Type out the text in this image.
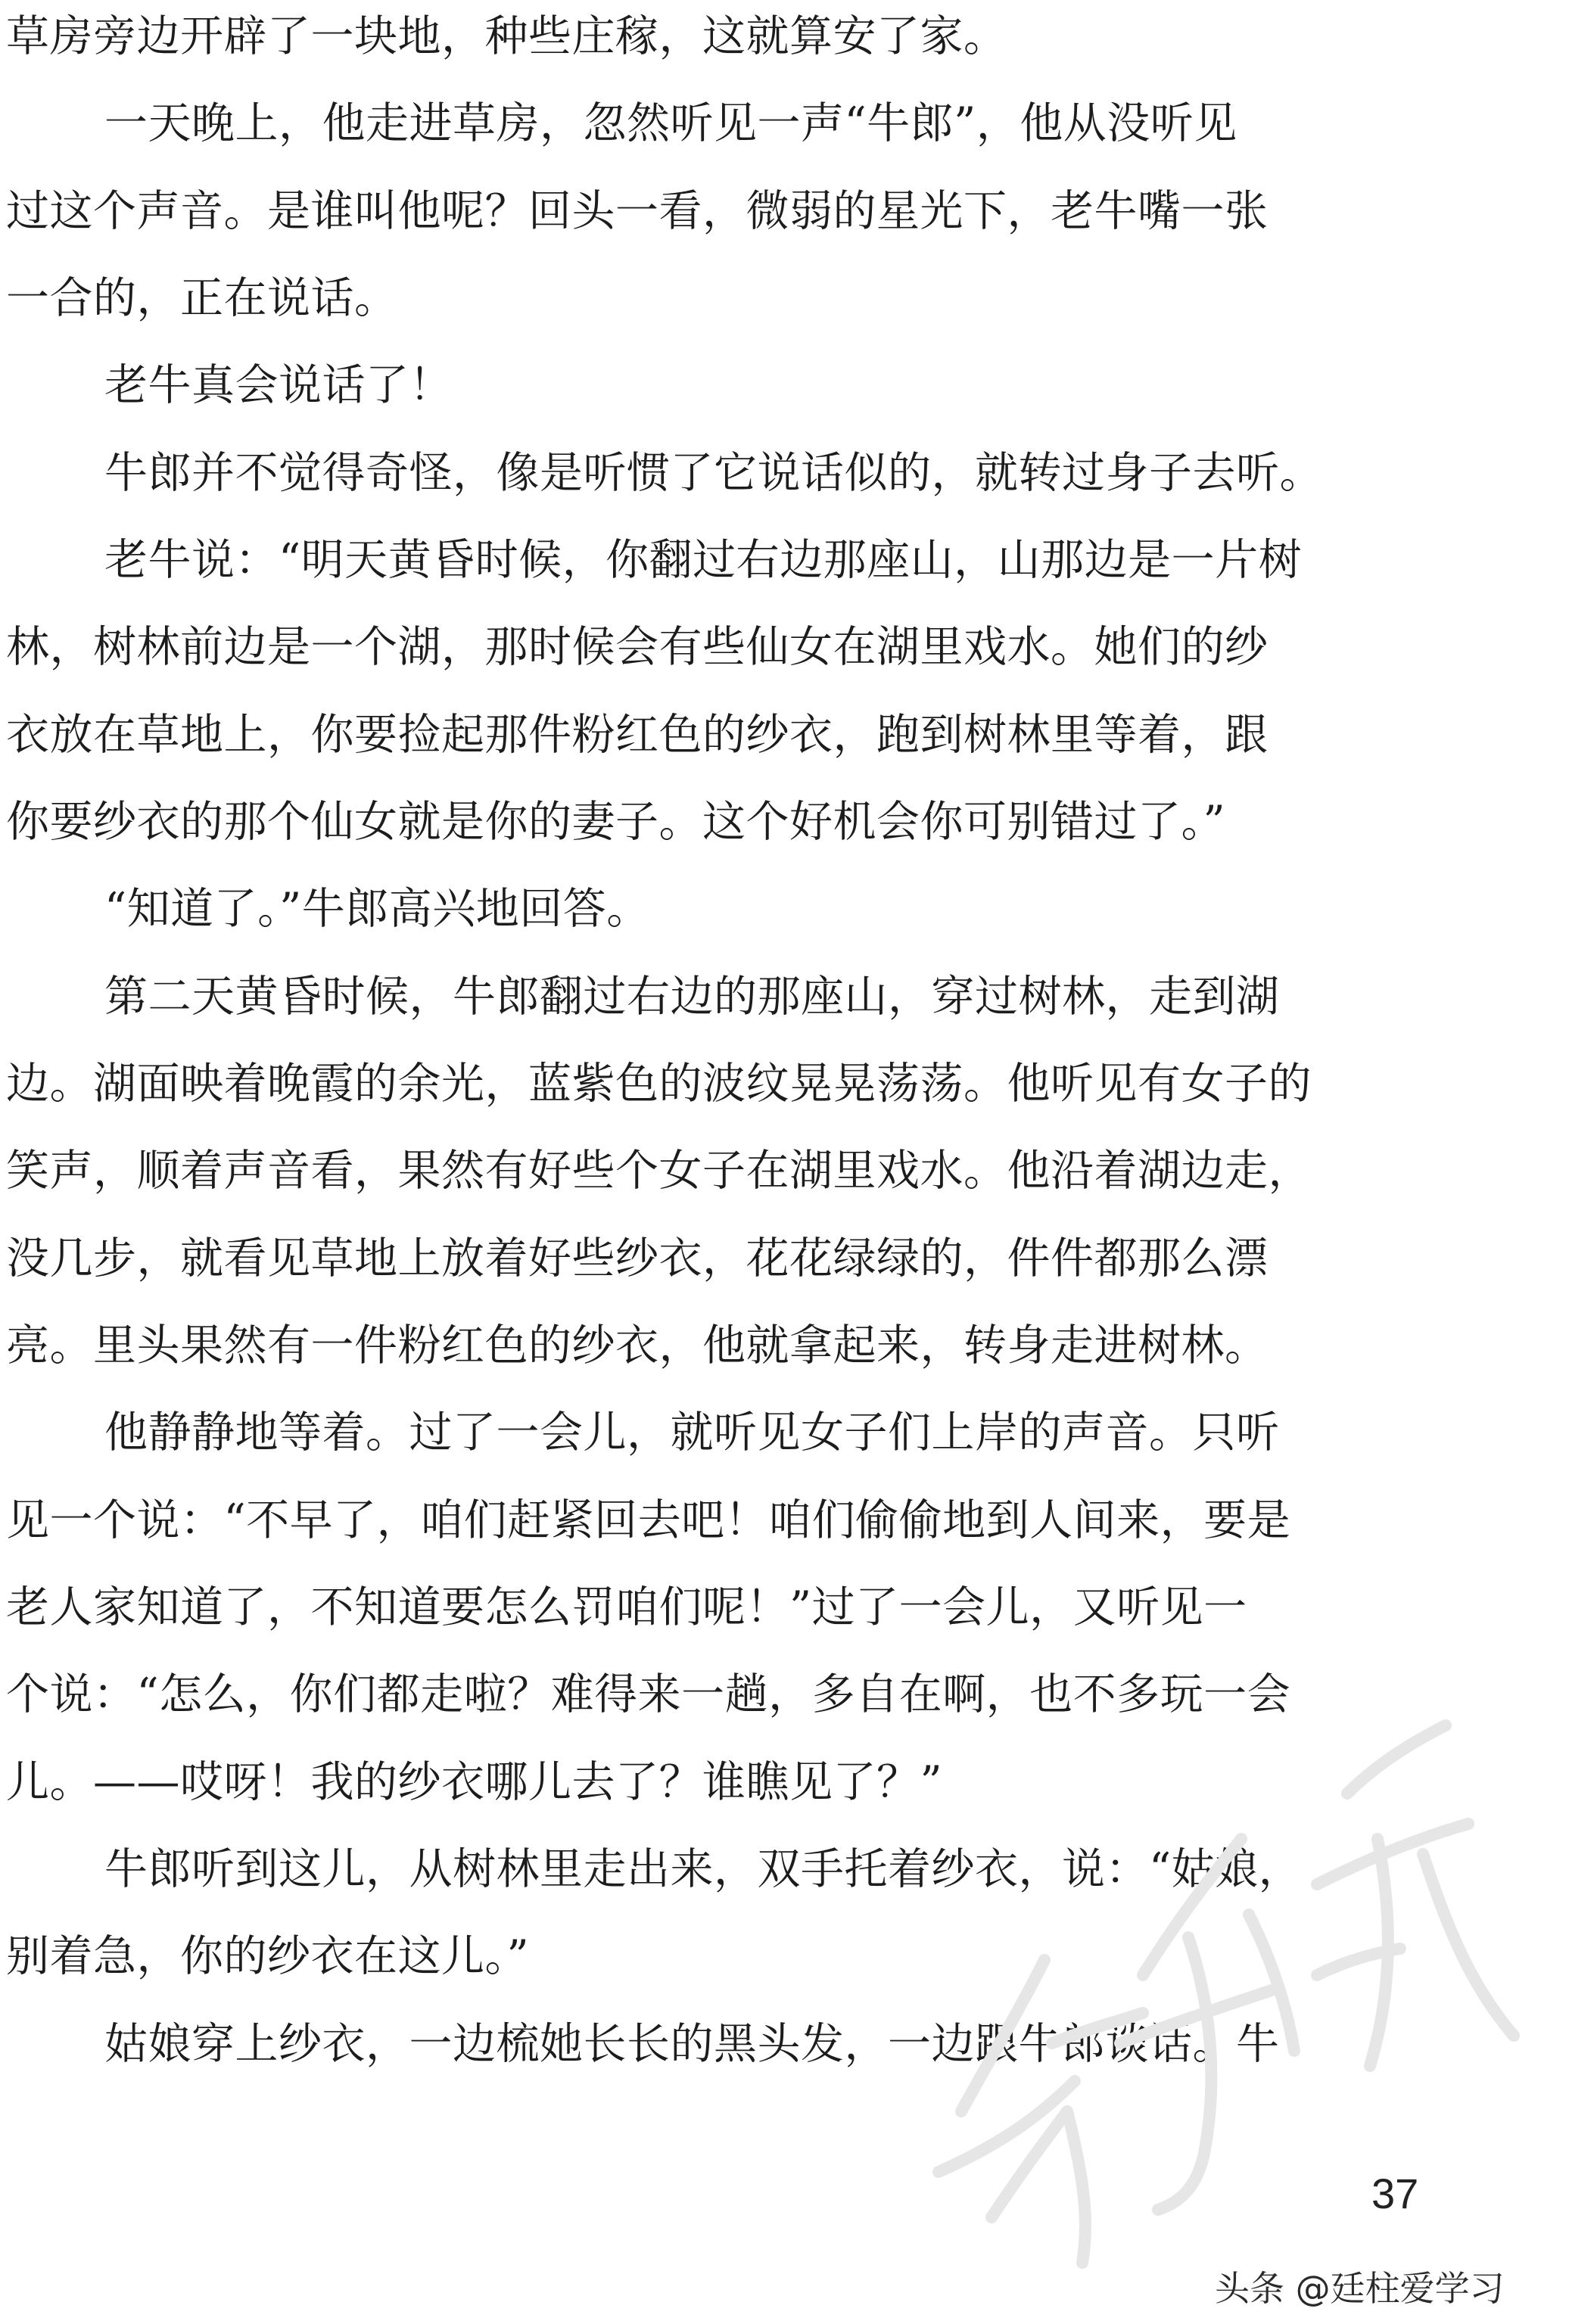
草房旁边开辟了一块地，种些庄稼，这就算安了家。
一天晚上，他走进草房，忽然听见一声“牛郎”，他从没听见
过这个声音。是谁叫他呢？回头一看，微弱的星光下，老牛嘴一张
一合的，正在说话。
老牛真会说话了！
牛郎并不觉得奇怪，像是听惯了它说话似的，就转过身子去听。
老牛说：“明天黄昏时候，你翻过右边那座山，山那边是一片树
林，树林前边是一个湖，那时候会有些仙女在湖里戏水。她们的纱
衣放在草地上，你要捡起那件粉红色的纱衣，跑到树林里等着，跟
你要纱衣的那个仙女就是你的妻子。这个好机会你可别错过了。”
“知道了。”牛郎高兴地回答。
第二天黄昏时候，牛郎翻过右边的那座山，穿过树林，走到湖
边。湖面映着晚霞的余光，蓝紫色的波纹晃晃荡荡。他听见有女子的
笑声，顺着声音看，果然有好些个女子在湖里戏水。他沿着湖边走，
没几步，就看见草地上放着好些纱衣，花花绿绿的，件件都那么漂
亮。里头果然有一件粉红色的纱衣，他就拿起来，转身走进树林。
他静静地等着。过了一会儿，就听见女子们上岸的声音。只听
见一个说：“不早了，咱们赶紧回去吧！咱们偷偷地到人间来，要是
老人家知道了，不知道要怎么罚咱们呢！”过了一会儿，又听见一
个说：“怎么，你们都走啦？难得来一趟，多自在啊，也不多玩一会
儿。——哎呀！我的纱衣哪儿去了？谁瞧见了？”
牛郎听到这儿，从树林里走出来，双手托着纱衣，说：“姑娘，
别着急，你的纱衣在这儿。”
姑娘穿上纱衣，一边梳她长长的黑头发，一边跟牛郎谈话。牛
37
头条 @廷柱爱学习
